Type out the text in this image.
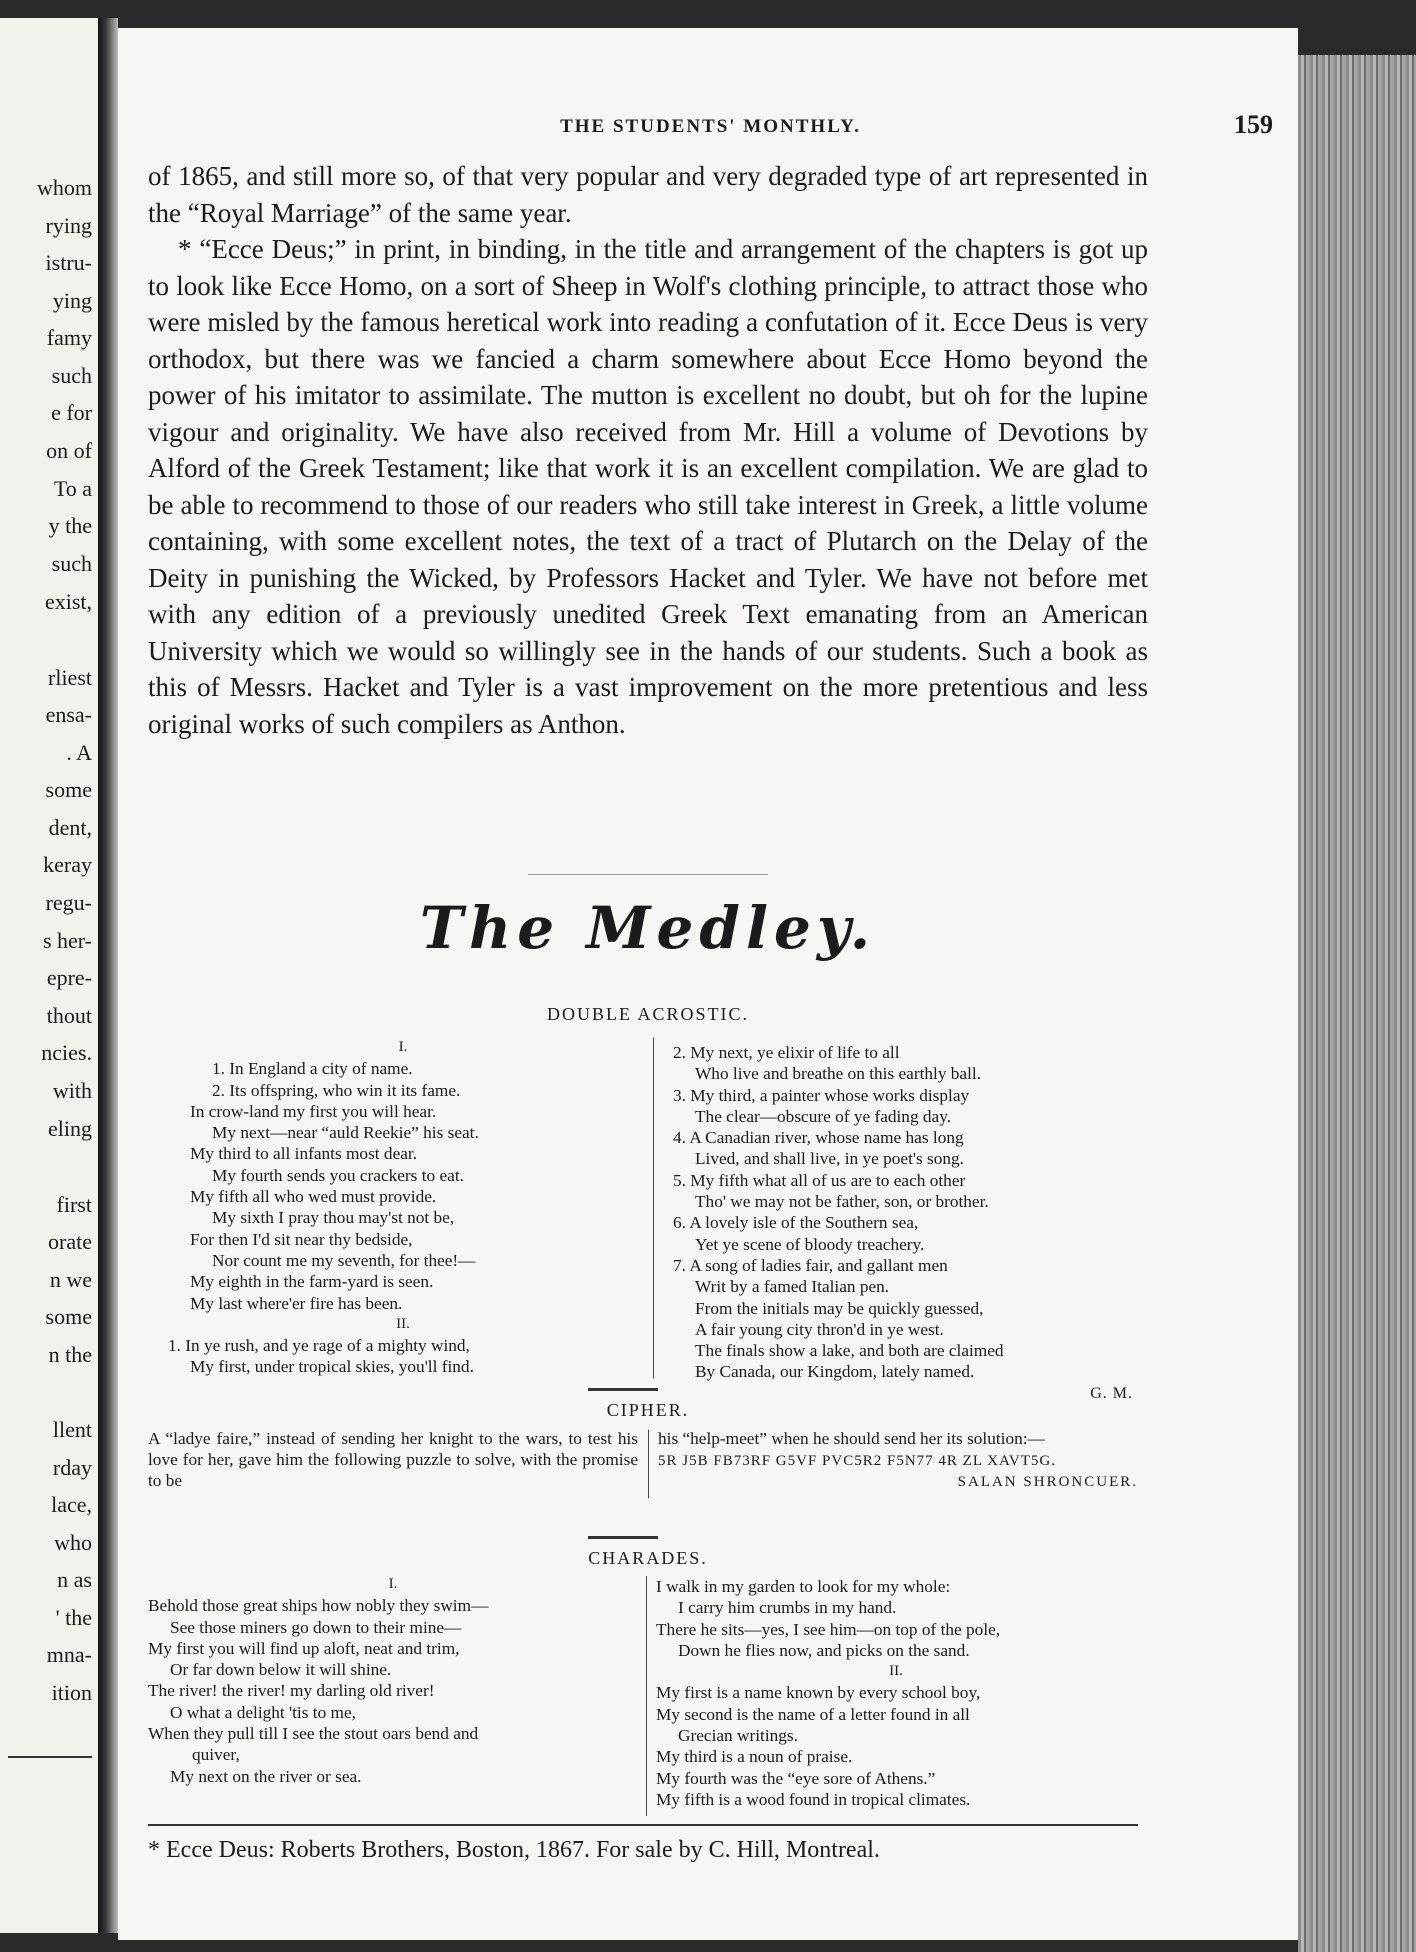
whom
rying
istru-
ying
famy
such
e for
on of
To a
y the
such
exist,
rliest
ensa-
. A
some
dent,
keray
regu-
s her-
epre-
thout
ncies.
with
eling
first
orate
n we
some
n the
llent
rday
lace,
who
n as
' the
mna-
ition
THE STUDENTS' MONTHLY.	159

of 1865, and still more so, of that very popular and very degraded type of art represented in the “Royal Marriage” of the same year.

* “Ecce Deus;” in print, in binding, in the title and arrangement of the chapters is got up to look like Ecce Homo, on a sort of Sheep in Wolf's clothing principle, to attract those who were misled by the famous heretical work into reading a confutation of it. Ecce Deus is very orthodox, but there was we fancied a charm somewhere about Ecce Homo beyond the power of his imitator to assimilate. The mutton is excellent no doubt, but oh for the lupine vigour and originality. We have also received from Mr. Hill a volume of Devotions by Alford of the Greek Testament; like that work it is an excellent compilation. We are glad to be able to recommend to those of our readers who still take interest in Greek, a little volume containing, with some excellent notes, the text of a tract of Plutarch on the Delay of the Deity in punishing the Wicked, by Professors Hacket and Tyler. We have not before met with any edition of a previously unedited Greek Text emanating from an American University which we would so willingly see in the hands of our students. Such a book as this of Messrs. Hacket and Tyler is a vast improvement on the more pretentious and less original works of such compilers as Anthon.

The Medley.
DOUBLE ACROSTIC.
I.
1. In England a city of name.
2. Its offspring, who win it its fame.
In crow-land my first you will hear.
My next—near “auld Reekie” his seat.
My third to all infants most dear.
My fourth sends you crackers to eat.
My fifth all who wed must provide.
My sixth I pray thou may'st not be,
For then I'd sit near thy bedside,
Nor count me my seventh, for thee!—
My eighth in the farm-yard is seen.
My last where'er fire has been.
II.
1. In ye rush, and ye rage of a mighty wind,
My first, under tropical skies, you'll find.
2. My next, ye elixir of life to all
Who live and breathe on this earthly ball.
3. My third, a painter whose works display
The clear—obscure of ye fading day.
4. A Canadian river, whose name has long
Lived, and shall live, in ye poet's song.
5. My fifth what all of us are to each other
Tho' we may not be father, son, or brother.
6. A lovely isle of the Southern sea,
Yet ye scene of bloody treachery.
7. A song of ladies fair, and gallant men
Writ by a famed Italian pen.
From the initials may be quickly guessed,
A fair young city thron'd in ye west.
The finals show a lake, and both are claimed
By Canada, our Kingdom, lately named.
G. M.
CIPHER.
A “ladye faire,” instead of sending her knight to the wars, to test his love for her, gave him the following puzzle to solve, with the promise to be
his “help-meet” when he should send her its solution:—
5R J5B FB73RF G5VF PVC5R2 F5N77 4R ZL XAVT5G.

SALAN SHRONCUER.
CHARADES.
I.
Behold those great ships how nobly they swim—
See those miners go down to their mine—
My first you will find up aloft, neat and trim,
Or far down below it will shine.
The river! the river! my darling old river!
O what a delight 'tis to me,
When they pull till I see the stout oars bend and
quiver,
My next on the river or sea.
I walk in my garden to look for my whole:
I carry him crumbs in my hand.
There he sits—yes, I see him—on top of the pole,
Down he flies now, and picks on the sand.
II.
My first is a name known by every school boy,
My second is the name of a letter found in all
Grecian writings.
My third is a noun of praise.
My fourth was the “eye sore of Athens.”
My fifth is a wood found in tropical climates.
* Ecce Deus: Roberts Brothers, Boston, 1867. For sale by C. Hill, Montreal.
